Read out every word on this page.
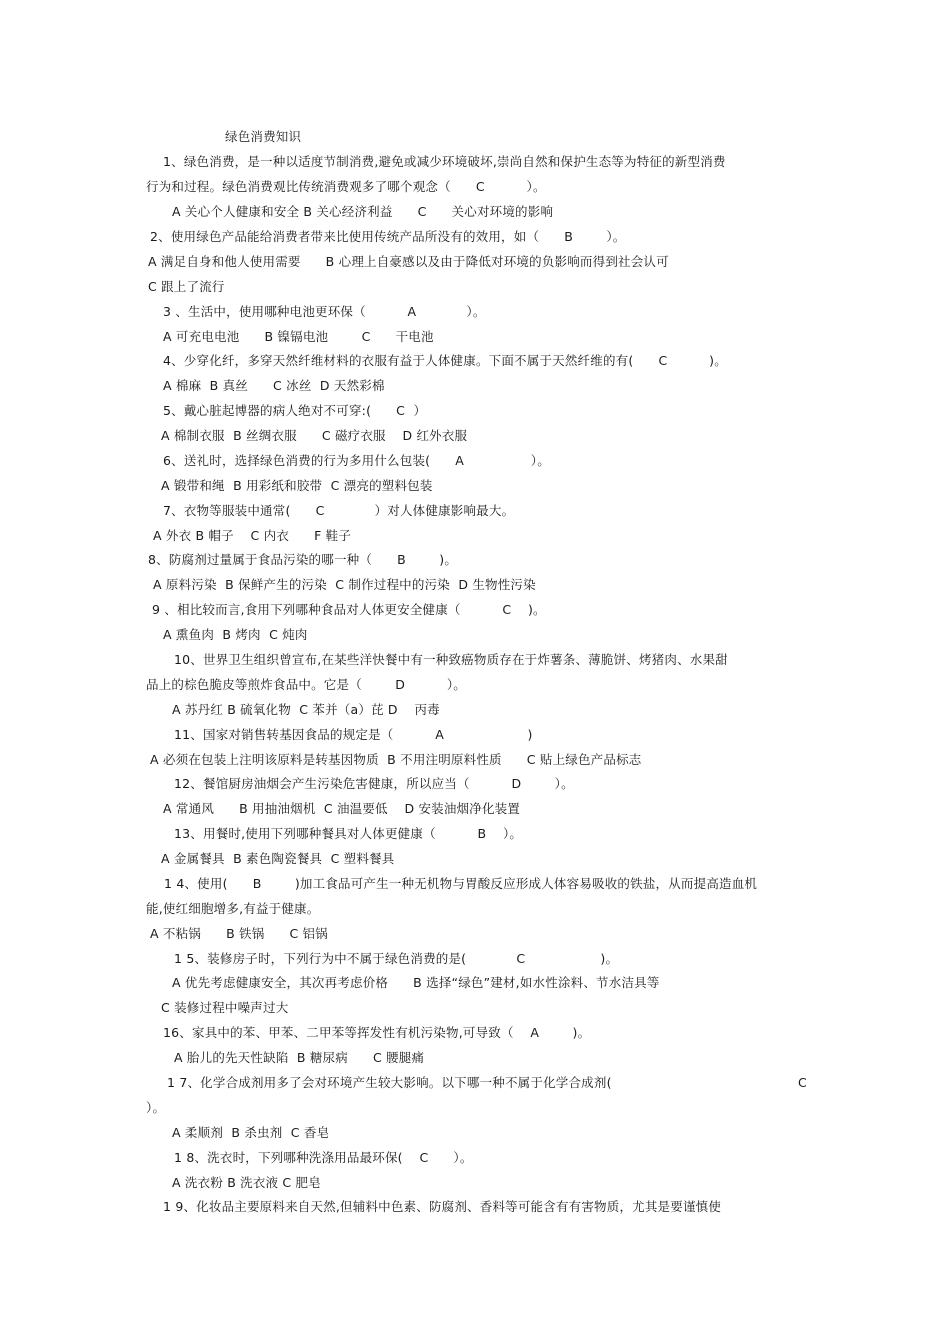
绿色消费知识
1、绿色消费，是一种以适度节制消费,避免或减少环境破坏,崇尚自然和保护生态等为特征的新型消费
行为和过程。绿色消费观比传统消费观多了哪个观念（      C          ）。
A 关心个人健康和安全 B 关心经济利益      C      关心对环境的影响
2、使用绿色产品能给消费者带来比使用传统产品所没有的效用，如（      B        ）。
A 满足自身和他人使用需要      B 心理上自豪感以及由于降低对环境的负影响而得到社会认可
C 跟上了流行
3 、生活中，使用哪种电池更环保（          A            ）。
A 可充电电池      B 镍镉电池        C      干电池
4、少穿化纤，多穿天然纤维材料的衣服有益于人体健康。下面不属于天然纤维的有(      C          )。
A 棉麻  B 真丝      C 冰丝  D 天然彩棉
5、戴心脏起博器的病人绝对不可穿:(      C  ）
A 棉制衣服  B 丝绸衣服      C 磁疗衣服    D 红外衣服
6、送礼时，选择绿色消费的行为多用什么包装(      A                ）。
A 锻带和绳  B 用彩纸和胶带  C 漂亮的塑料包装
7、衣物等服装中通常(      C            ）对人体健康影响最大。
A 外衣 B 帽子    C 内衣      F 鞋子
8、防腐剂过量属于食品污染的哪一种（      B        )。
A 原料污染  B 保鲜产生的污染  C 制作过程中的污染  D 生物性污染
9 、相比较而言,食用下列哪种食品对人体更安全健康（          C    )。
A 熏鱼肉  B 烤肉  C 炖肉
10、世界卫生组织曾宣布,在某些洋快餐中有一种致癌物质存在于炸薯条、薄脆饼、烤猪肉、水果甜
品上的棕色脆皮等煎炸食品中。它是（        D          ）。
A 苏丹红 B 硫氧化物  C 苯并（a）芘 D    丙毒
11、国家对销售转基因食品的规定是（          A                    )
A 必须在包装上注明该原料是转基因物质  B 不用注明原料性质      C 贴上绿色产品标志
12、餐馆厨房油烟会产生污染危害健康，所以应当（          D        ）。
A 常通风      B 用抽油烟机  C 油温要低    D 安装油烟净化装置
13、用餐时,使用下列哪种餐具对人体更健康（          B    ）。
A 金属餐具  B 素色陶瓷餐具  C 塑料餐具
1 4、使用(      B        )加工食品可产生一种无机物与胃酸反应形成人体容易吸收的铁盐，从而提高造血机
能,使红细胞增多,有益于健康。
A 不粘锅      B 铁锅      C 铝锅
1 5、装修房子时，下列行为中不属于绿色消费的是(            C                  )。
A 优先考虑健康安全，其次再考虑价格      B 选择“绿色”建材,如水性涂料、节水洁具等
C 装修过程中噪声过大
16、家具中的苯、甲苯、二甲苯等挥发性有机污染物,可导致（    A        )。
A 胎儿的先天性缺陷  B 糖尿病      C 腰腿痛
1 7、化学合成剂用多了会对环境产生较大影响。以下哪一种不属于化学合成剂(	C
）。
A 柔顺剂  B 杀虫剂  C 香皂
1 8、洗衣时，下列哪种洗涤用品最环保(    C      ）。
A 洗衣粉 B 洗衣液 C 肥皂
1 9、化妆品主要原料来自天然,但辅料中色素、防腐剂、香料等可能含有有害物质，尤其是要谨慎使
